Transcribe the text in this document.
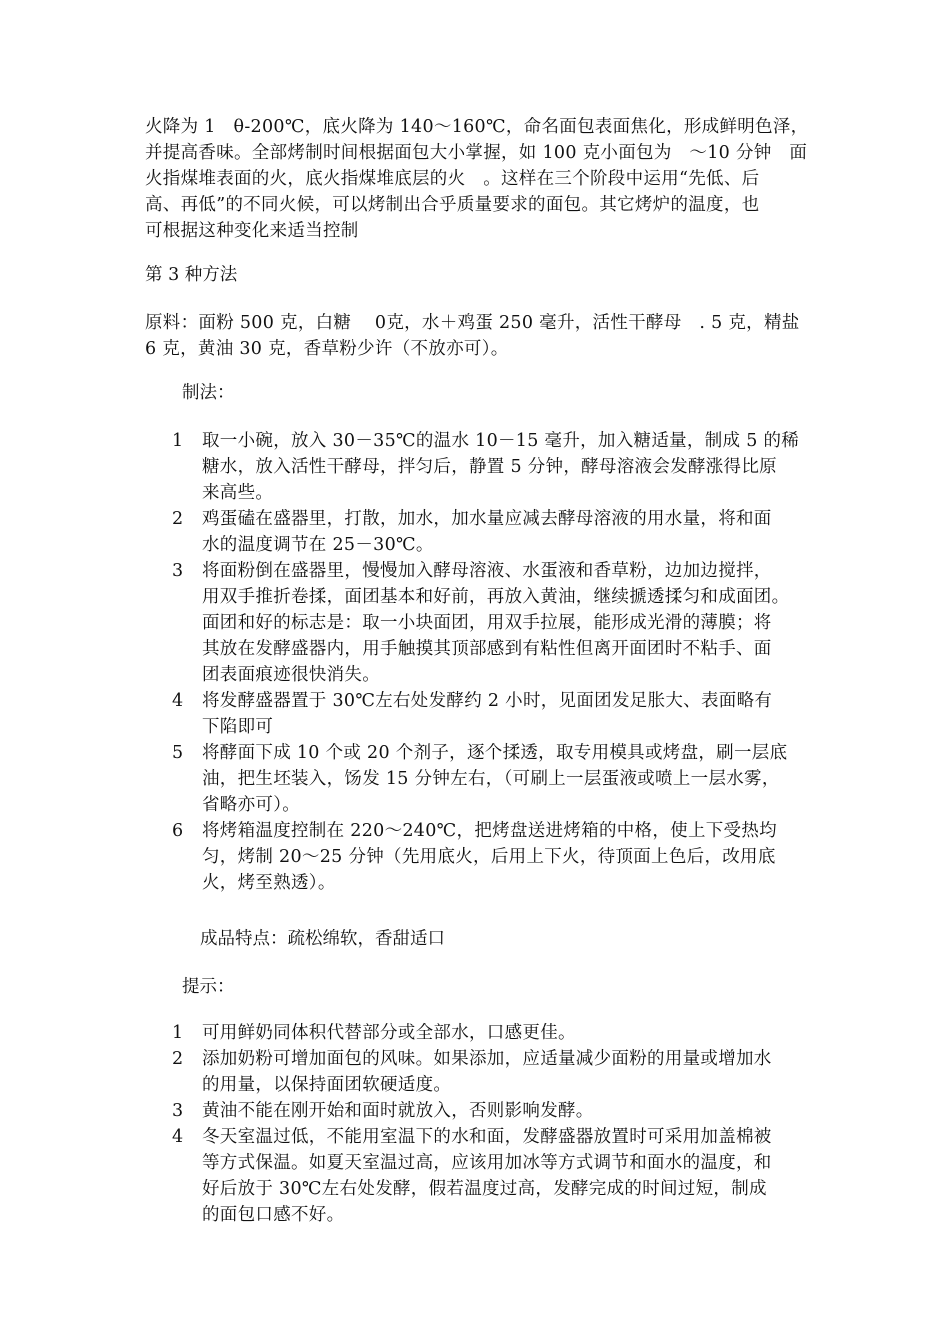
火降为 1　θ-200℃，底火降为 140～160℃，命名面包表面焦化，形成鲜明色泽，
并提高香味。全部烤制时间根据面包大小掌握，如 100 克小面包为　～10 分钟　面
火指煤堆表面的火，底火指煤堆底层的火　。这样在三个阶段中运用“先低、后
高、再低”的不同火候，可以烤制出合乎质量要求的面包。其它烤炉的温度，也
可根据这种变化来适当控制
第 3 种方法
原料：面粉 500 克，白糖　 0克，水＋鸡蛋 250 毫升，活性干酵母　. 5 克，精盐
6 克，黄油 30 克，香草粉少许（不放亦可）。
制法：
1 取一小碗，放入 30－35℃的温水 10－15 毫升，加入糖适量，制成 5 的稀
糖水，放入活性干酵母，拌匀后，静置 5 分钟，酵母溶液会发酵涨得比原
来高些。
2 鸡蛋磕在盛器里，打散，加水，加水量应减去酵母溶液的用水量，将和面
水的温度调节在 25－30℃。
3 将面粉倒在盛器里，慢慢加入酵母溶液、水蛋液和香草粉，边加边搅拌，
用双手推折卷揉，面团基本和好前，再放入黄油，继续搋透揉匀和成面团。
面团和好的标志是：取一小块面团，用双手拉展，能形成光滑的薄膜；将
其放在发酵盛器内，用手触摸其顶部感到有粘性但离开面团时不粘手、面
团表面痕迹很快消失。
4 将发酵盛器置于 30℃左右处发酵约 2 小时，见面团发足胀大、表面略有
下陷即可
5 将酵面下成 10 个或 20 个剂子，逐个揉透，取专用模具或烤盘，刷一层底
油，把生坯装入，饧发 15 分钟左右，（可刷上一层蛋液或喷上一层水雾，
省略亦可）。
6 将烤箱温度控制在 220～240℃，把烤盘送进烤箱的中格，使上下受热均
匀，烤制 20～25 分钟（先用底火，后用上下火，待顶面上色后，改用底
火，烤至熟透）。
成品特点：疏松绵软，香甜适口
提示：
1 可用鲜奶同体积代替部分或全部水，口感更佳。
2 添加奶粉可增加面包的风味。如果添加，应适量减少面粉的用量或增加水
的用量，以保持面团软硬适度。
3 黄油不能在刚开始和面时就放入，否则影响发酵。
4 冬天室温过低，不能用室温下的水和面，发酵盛器放置时可采用加盖棉被
等方式保温。如夏天室温过高，应该用加冰等方式调节和面水的温度，和
好后放于 30℃左右处发酵，假若温度过高，发酵完成的时间过短，制成
的面包口感不好。
